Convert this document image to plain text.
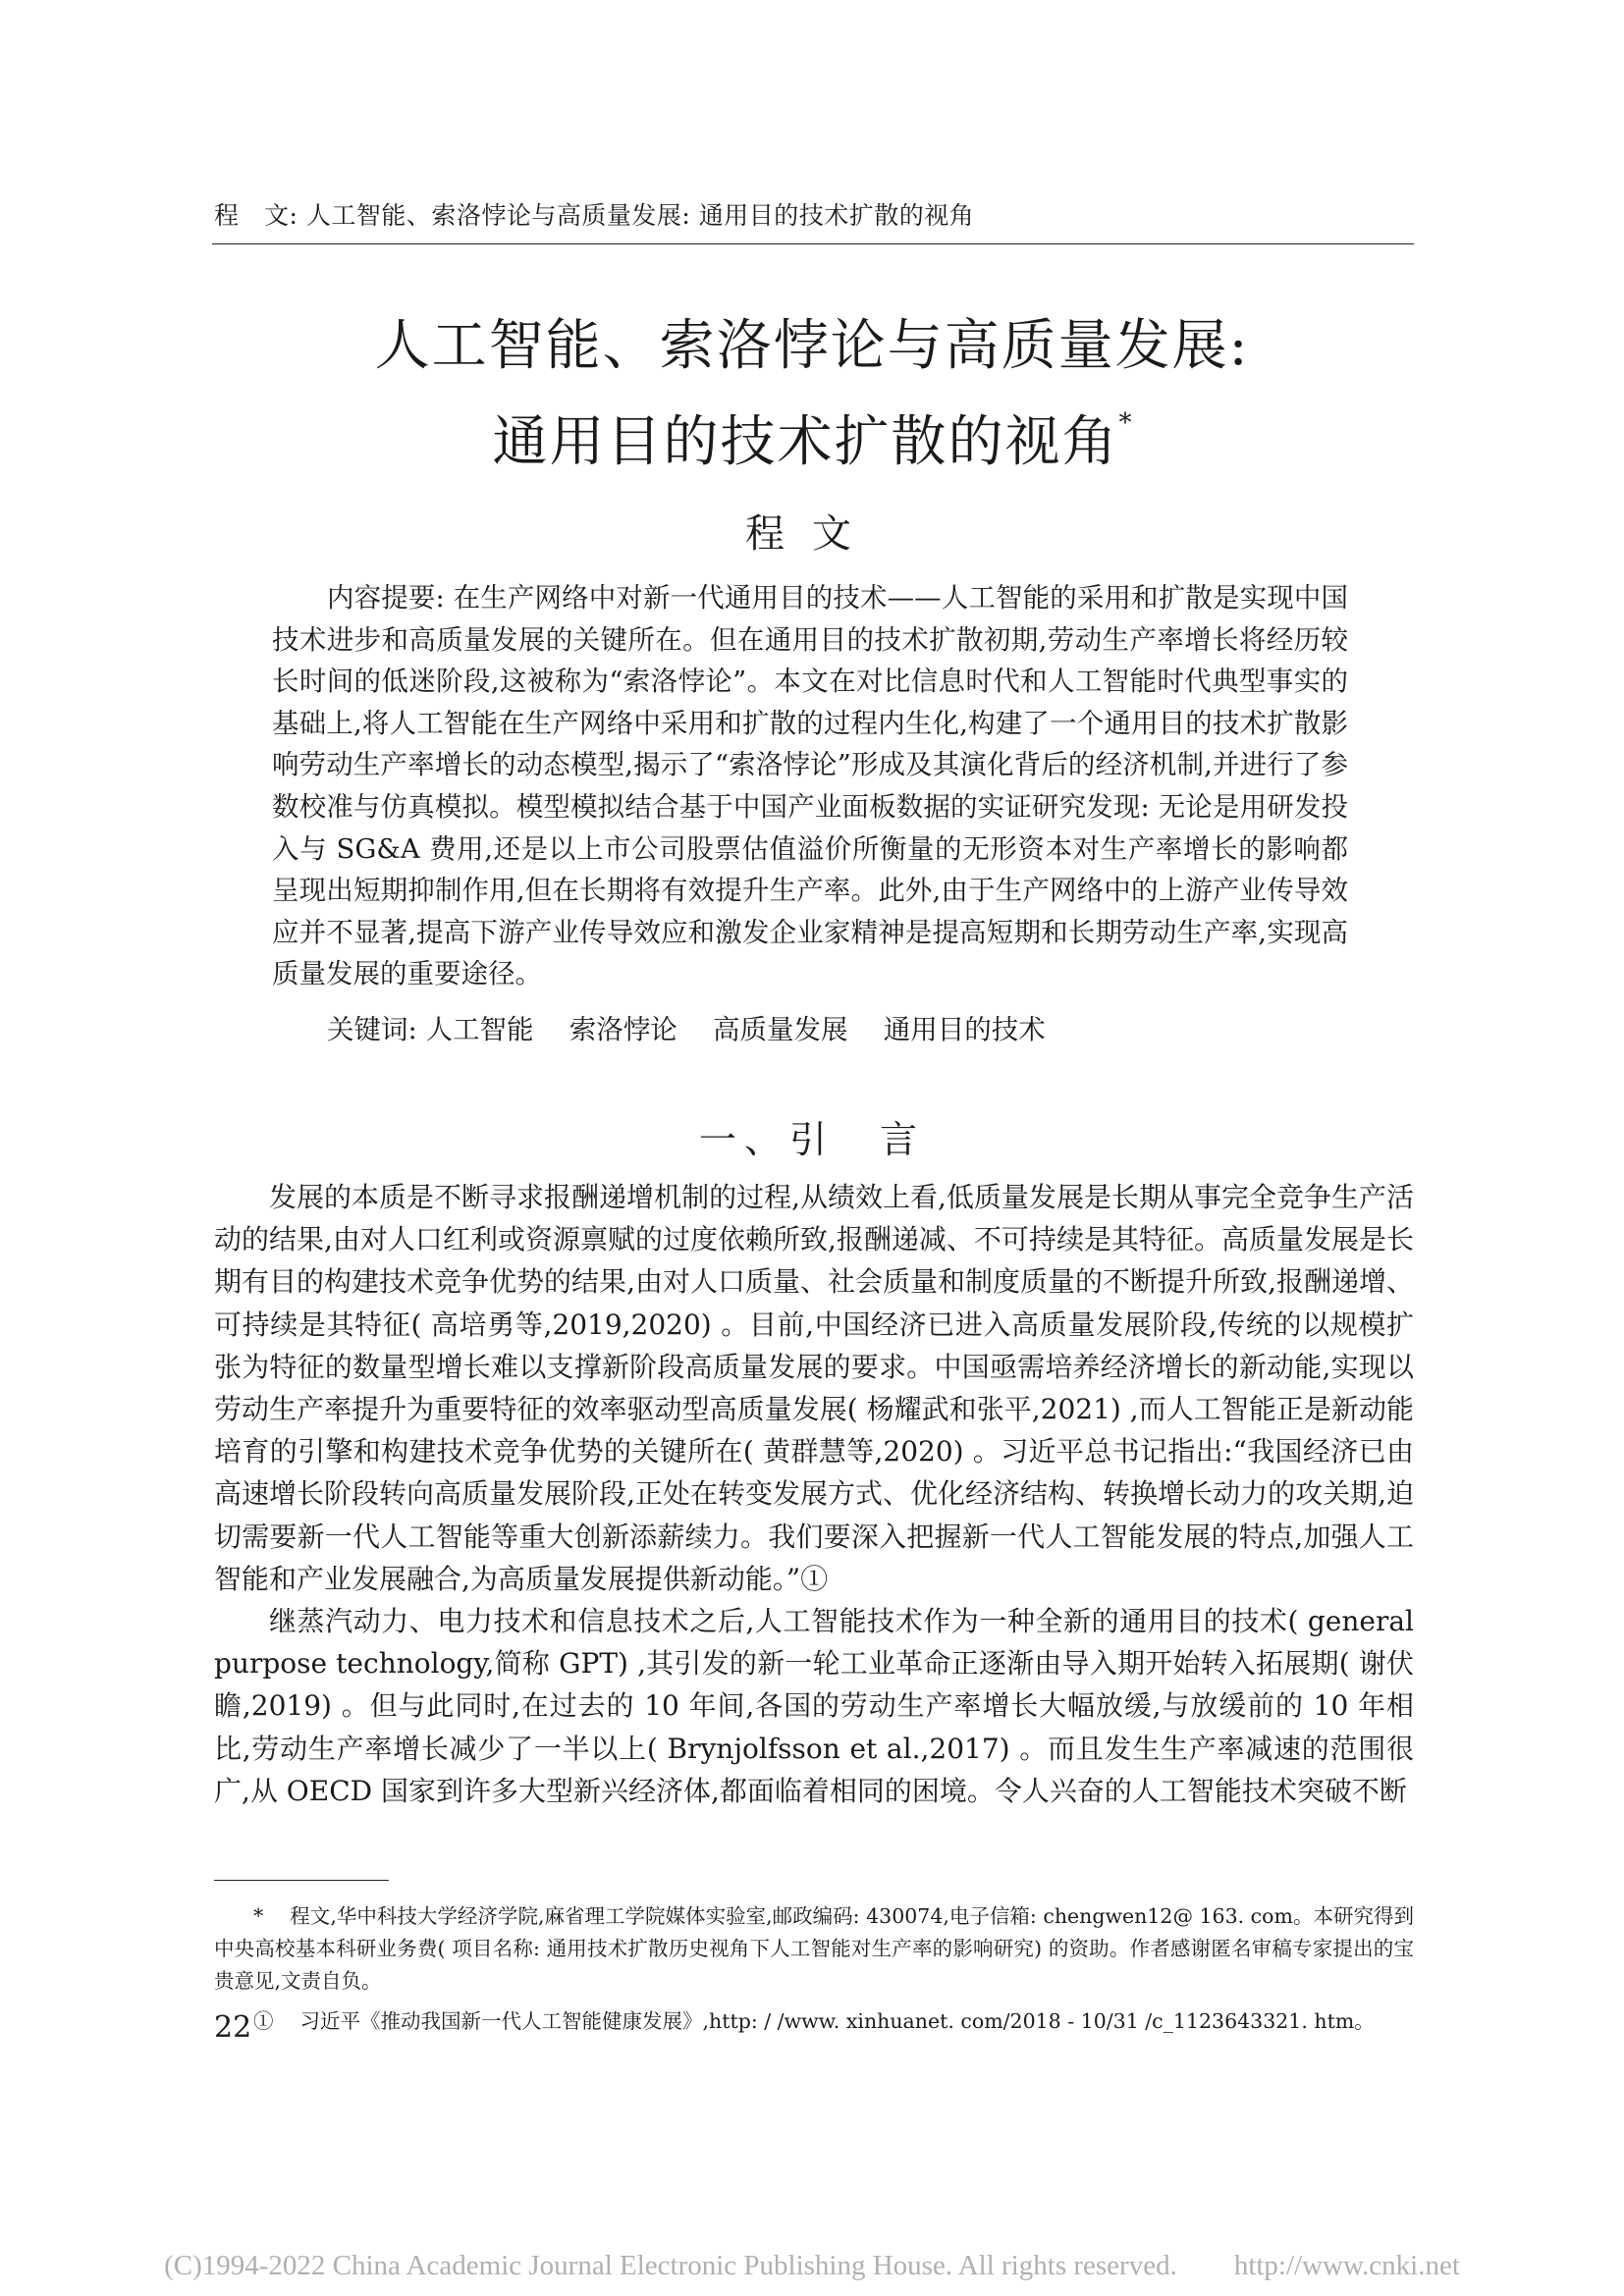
程　文: 人工智能、索洛悖论与高质量发展: 通用目的技术扩散的视角
人工智能、索洛悖论与高质量发展:
通用目的技术扩散的视角*
程文

内容提要: 在生产网络中对新一代通用目的技术——人工智能的采用和扩散是实现中国技术进步和高质量发展的关键所在。但在通用目的技术扩散初期,劳动生产率增长将经历较长时间的低迷阶段,这被称为“索洛悖论”。本文在对比信息时代和人工智能时代典型事实的基础上,将人工智能在生产网络中采用和扩散的过程内生化,构建了一个通用目的技术扩散影响劳动生产率增长的动态模型,揭示了“索洛悖论”形成及其演化背后的经济机制,并进行了参数校准与仿真模拟。模型模拟结合基于中国产业面板数据的实证研究发现: 无论是用研发投入与 SG&A 费用,还是以上市公司股票估值溢价所衡量的无形资本对生产率增长的影响都呈现出短期抑制作用,但在长期将有效提升生产率。此外,由于生产网络中的上游产业传导效应并不显著,提高下游产业传导效应和激发企业家精神是提高短期和长期劳动生产率,实现高质量发展的重要途径。

关键词: 人工智能　 索洛悖论　 高质量发展　 通用目的技术
一、引　言

发展的本质是不断寻求报酬递增机制的过程,从绩效上看,低质量发展是长期从事完全竞争生产活动的结果,由对人口红利或资源禀赋的过度依赖所致,报酬递减、不可持续是其特征。高质量发展是长期有目的构建技术竞争优势的结果,由对人口质量、社会质量和制度质量的不断提升所致,报酬递增、可持续是其特征( 高培勇等,2019,2020) 。目前,中国经济已进入高质量发展阶段,传统的以规模扩张为特征的数量型增长难以支撑新阶段高质量发展的要求。中国亟需培养经济增长的新动能,实现以劳动生产率提升为重要特征的效率驱动型高质量发展( 杨耀武和张平,2021) ,而人工智能正是新动能培育的引擎和构建技术竞争优势的关键所在( 黄群慧等,2020) 。习近平总书记指出:“我国经济已由高速增长阶段转向高质量发展阶段,正处在转变发展方式、优化经济结构、转换增长动力的攻关期,迫切需要新一代人工智能等重大创新添薪续力。我们要深入把握新一代人工智能发展的特点,加强人工智能和产业发展融合,为高质量发展提供新动能。”①

继蒸汽动力、电力技术和信息技术之后,人工智能技术作为一种全新的通用目的技术( general purpose technology,简称 GPT) ,其引发的新一轮工业革命正逐渐由导入期开始转入拓展期( 谢伏瞻,2019) 。但与此同时,在过去的 10 年间,各国的劳动生产率增长大幅放缓,与放缓前的 10 年相比,劳动生产率增长减少了一半以上( Brynjolfsson et al.,2017) 。而且发生生产率减速的范围很广,从 OECD 国家到许多大型新兴经济体,都面临着相同的困境。令人兴奋的人工智能技术突破不断

*　 程文,华中科技大学经济学院,麻省理工学院媒体实验室,邮政编码: 430074,电子信箱: chengwen12@ 163. com。本研究得到中央高校基本科研业务费( 项目名称: 通用技术扩散历史视角下人工智能对生产率的影响研究) 的资助。作者感谢匿名审稿专家提出的宝贵意见,文责自负。

①　 习近平《推动我国新一代人工智能健康发展》,http: / /www. xinhuanet. com/2018 - 10/31 /c_1123643321. htm。

22
(C)1994-2022 China Academic Journal Electronic Publishing House. All rights reserved.　　http://www.cnki.net
